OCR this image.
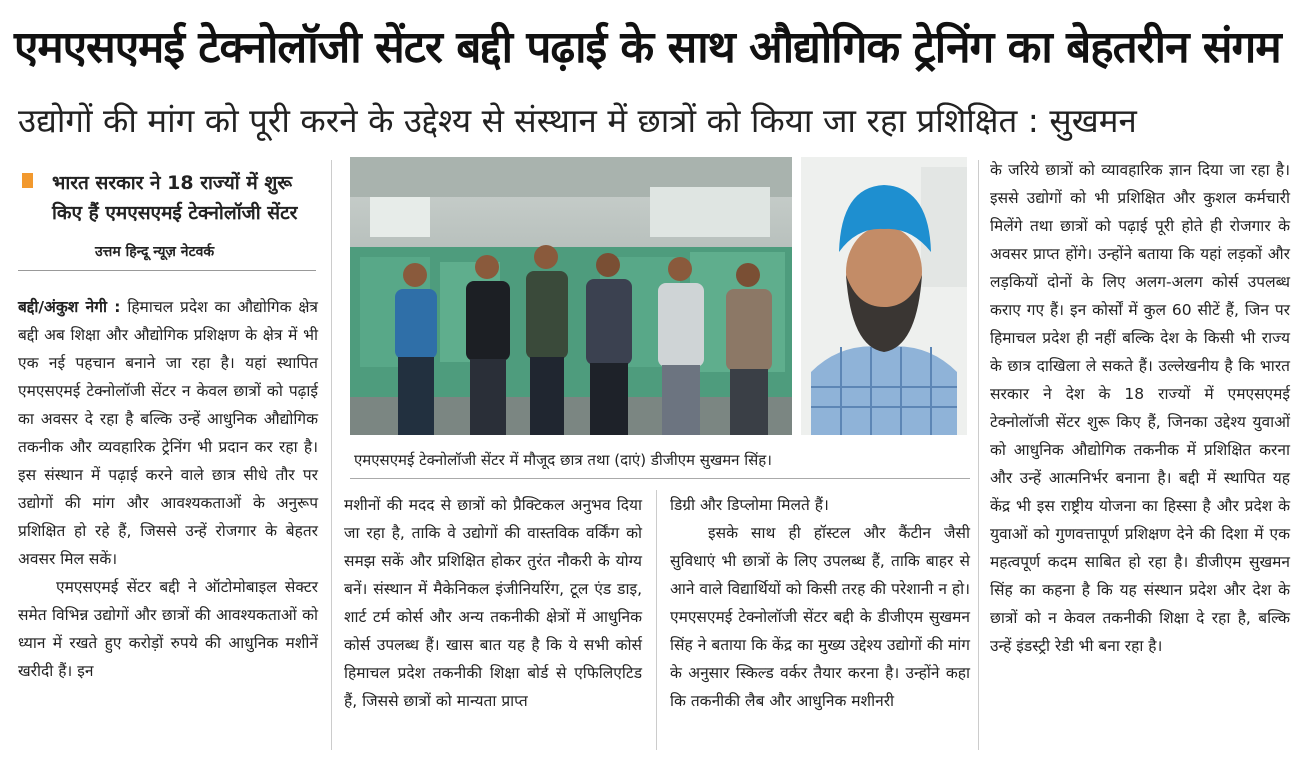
एमएसएमई टेक्नोलॉजी सेंटर बद्दी पढ़ाई के साथ औद्योगिक ट्रेनिंग का बेहतरीन संगम
उद्योगों की मांग को पूरी करने के उद्देश्य से संस्थान में छात्रों को किया जा रहा प्रशिक्षित : सुखमन
भारत सरकार ने 18 राज्यों में शुरू
किए हैं एमएसएमई टेक्नोलॉजी सेंटर
उत्तम हिन्दू न्यूज़ नेटवर्क
एमएसएमई टेक्नोलॉजी सेंटर में मौजूद छात्र तथा (दाएं) डीजीएम सुखमन सिंह।

बद्दी/अंकुश नेगी : हिमाचल प्रदेश का औद्योगिक क्षेत्र बद्दी अब शिक्षा और औद्योगिक प्रशिक्षण के क्षेत्र में भी एक नई पहचान बनाने जा रहा है। यहां स्थापित एमएसएमई टेक्नोलॉजी सेंटर न केवल छात्रों को पढ़ाई का अवसर दे रहा है बल्कि उन्हें आधुनिक औद्योगिक तकनीक और व्यवहारिक ट्रेनिंग भी प्रदान कर रहा है। इस संस्थान में पढ़ाई करने वाले छात्र सीधे तौर पर उद्योगों की मांग और आवश्यकताओं के अनुरूप प्रशिक्षित हो रहे हैं, जिससे उन्हें रोजगार के बेहतर अवसर मिल सकें।

एमएसएमई सेंटर बद्दी ने ऑटोमोबाइल सेक्टर समेत विभिन्न उद्योगों और छात्रों की आवश्यकताओं को ध्यान में रखते हुए करोड़ों रुपये की आधुनिक मशीनें खरीदी हैं। इन

मशीनों की मदद से छात्रों को प्रैक्टिकल अनुभव दिया जा रहा है, ताकि वे उद्योगों की वास्तविक वर्किंग को समझ सकें और प्रशिक्षित होकर तुरंत नौकरी के योग्य बनें। संस्थान में मैकेनिकल इंजीनियरिंग, टूल एंड डाइ, शार्ट टर्म कोर्स और अन्य तकनीकी क्षेत्रों में आधुनिक कोर्स उपलब्ध हैं। खास बात यह है कि ये सभी कोर्स हिमाचल प्रदेश तकनीकी शिक्षा बोर्ड से एफिलिएटिड हैं, जिससे छात्रों को मान्यता प्राप्त

डिग्री और डिप्लोमा मिलते हैं।

इसके साथ ही हॉस्टल और कैंटीन जैसी सुविधाएं भी छात्रों के लिए उपलब्ध हैं, ताकि बाहर से आने वाले विद्यार्थियों को किसी तरह की परेशानी न हो। एमएसएमई टेक्नोलॉजी सेंटर बद्दी के डीजीएम सुखमन सिंह ने बताया कि केंद्र का मुख्य उद्देश्य उद्योगों की मांग के अनुसार स्किल्ड वर्कर तैयार करना है। उन्होंने कहा कि तकनीकी लैब और आधुनिक मशीनरी

के जरिये छात्रों को व्यावहारिक ज्ञान दिया जा रहा है। इससे उद्योगों को भी प्रशिक्षित और कुशल कर्मचारी मिलेंगे तथा छात्रों को पढ़ाई पूरी होते ही रोजगार के अवसर प्राप्त होंगे। उन्होंने बताया कि यहां लड़कों और लड़कियों दोनों के लिए अलग-अलग कोर्स उपलब्ध कराए गए हैं। इन कोर्सों में कुल 60 सीटें हैं, जिन पर हिमाचल प्रदेश ही नहीं बल्कि देश के किसी भी राज्य के छात्र दाखिला ले सकते हैं। उल्लेखनीय है कि भारत सरकार ने देश के 18 राज्यों में एमएसएमई टेक्नोलॉजी सेंटर शुरू किए हैं, जिनका उद्देश्य युवाओं को आधुनिक औद्योगिक तकनीक में प्रशिक्षित करना और उन्हें आत्मनिर्भर बनाना है। बद्दी में स्थापित यह केंद्र भी इस राष्ट्रीय योजना का हिस्सा है और प्रदेश के युवाओं को गुणवत्तापूर्ण प्रशिक्षण देने की दिशा में एक महत्वपूर्ण कदम साबित हो रहा है। डीजीएम सुखमन सिंह का कहना है कि यह संस्थान प्रदेश और देश के छात्रों को न केवल तकनीकी शिक्षा दे रहा है, बल्कि उन्हें इंडस्ट्री रेडी भी बना रहा है।
